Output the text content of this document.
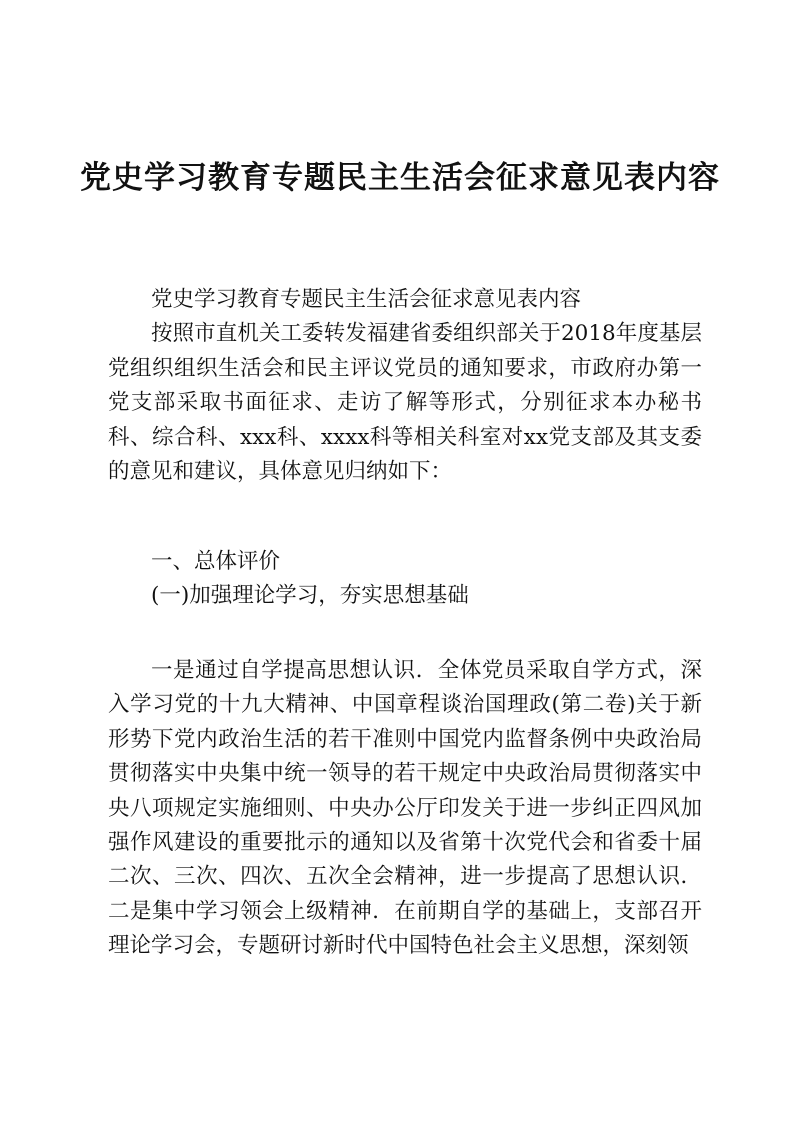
党史学习教育专题民主生活会征求意见表内容

党史学习教育专题民主生活会征求意见表内容

按照市直机关工委转发福建省委组织部关于2018年度基层党组织组织生活会和民主评议党员的通知要求，市政府办第一党支部采取书面征求、走访了解等形式，分别征求本办秘书科、综合科、xxx科、xxxx科等相关科室对xx党支部及其支委的意见和建议，具体意见归纳如下：

一、总体评价

(一)加强理论学习，夯实思想基础

一是通过自学提高思想认识．全体党员采取自学方式，深入学习党的十九大精神、中国章程谈治国理政(第二卷)关于新形势下党内政治生活的若干准则中国党内监督条例中央政治局贯彻落实中央集中统一领导的若干规定中央政治局贯彻落实中央八项规定实施细则、中央办公厅印发关于进一步纠正四风加强作风建设的重要批示的通知以及省第十次党代会和省委十届二次、三次、四次、五次全会精神，进一步提高了思想认识．二是集中学习领会上级精神．在前期自学的基础上，支部召开理论学习会，专题研讨新时代中国特色社会主义思想，深刻领
